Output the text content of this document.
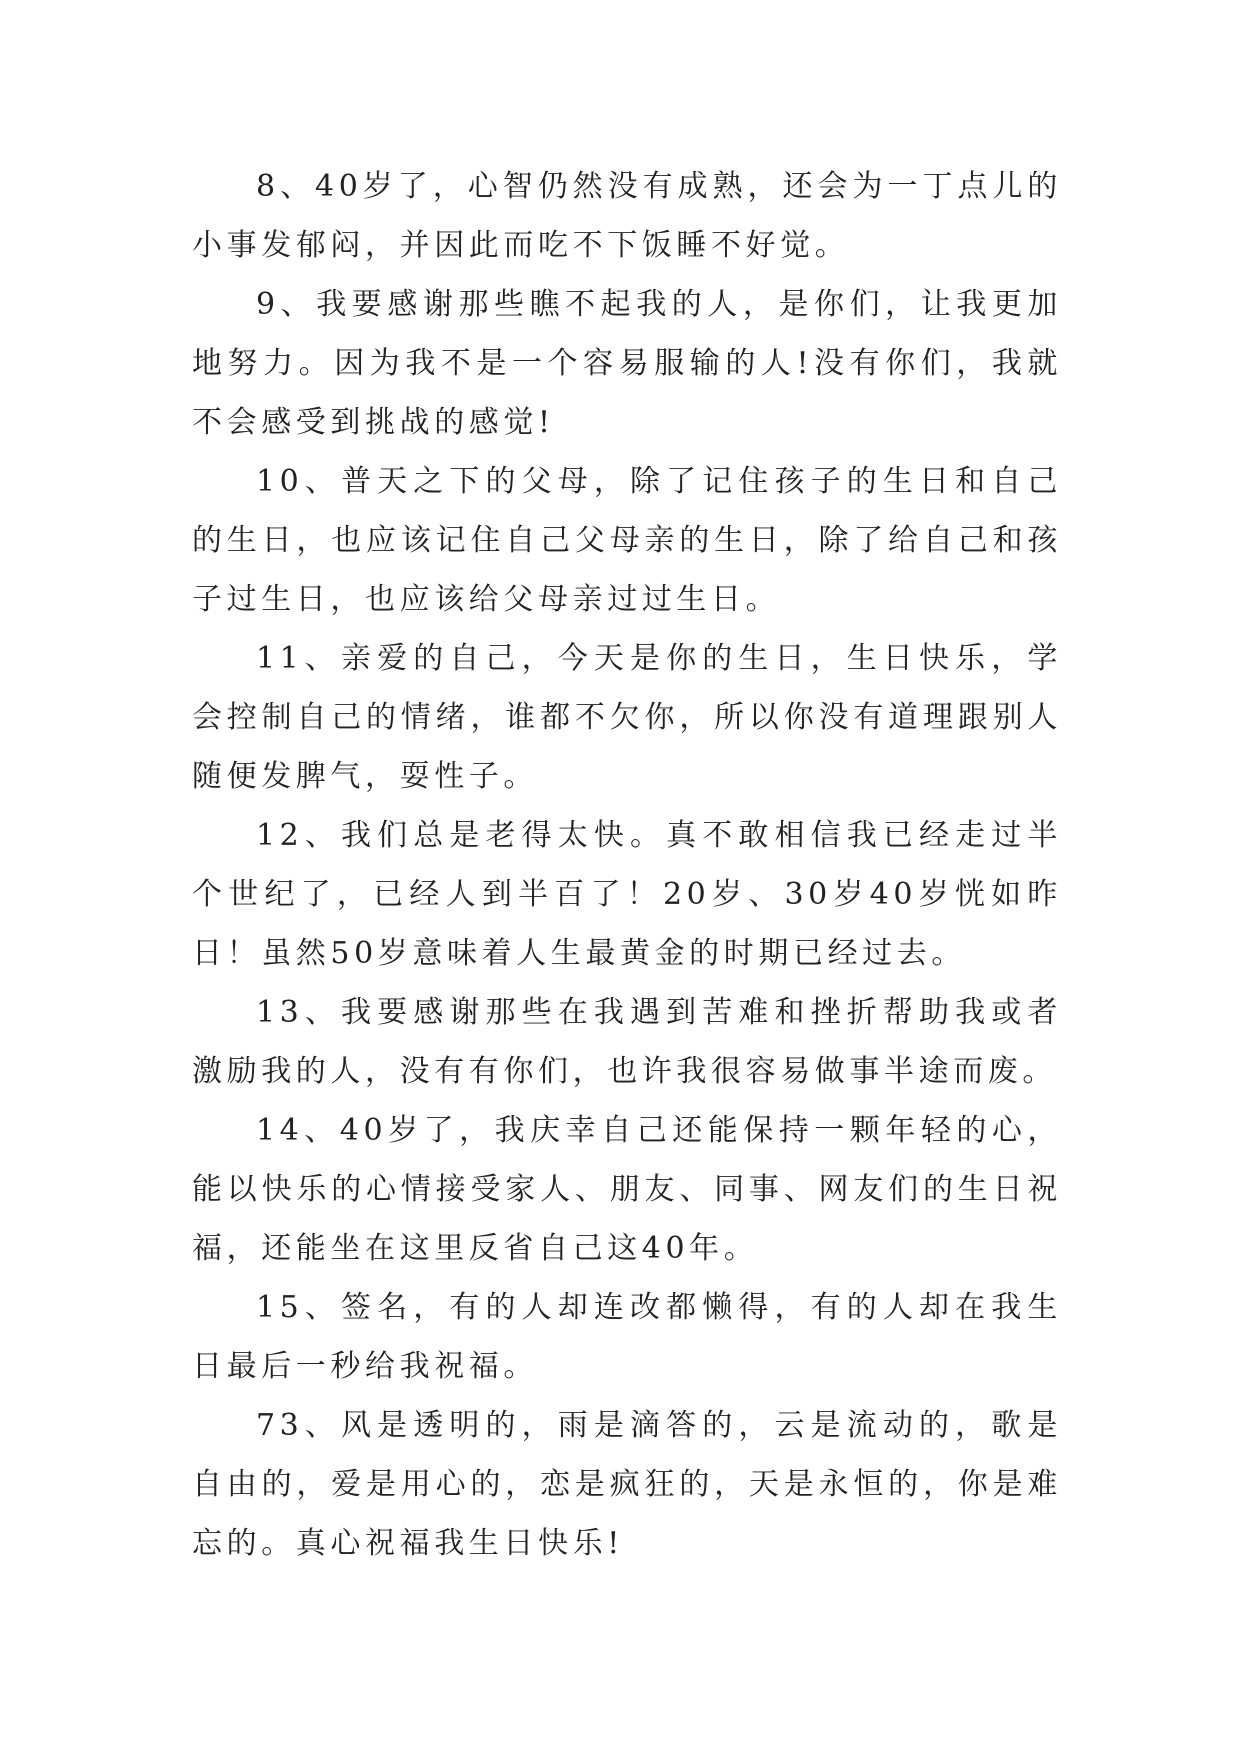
8、40岁了，心智仍然没有成熟，还会为一丁点儿的小事发郁闷，并因此而吃不下饭睡不好觉。

9、我要感谢那些瞧不起我的人，是你们，让我更加地努力。因为我不是一个容易服输的人!没有你们，我就不会感受到挑战的感觉!

10、普天之下的父母，除了记住孩子的生日和自己的生日，也应该记住自己父母亲的生日，除了给自己和孩子过生日，也应该给父母亲过过生日。

11、亲爱的自己，今天是你的生日，生日快乐，学会控制自己的情绪，谁都不欠你，所以你没有道理跟别人随便发脾气，耍性子。

12、我们总是老得太快。真不敢相信我已经走过半个世纪了，已经人到半百了！20岁、30岁40岁恍如昨日！虽然50岁意味着人生最黄金的时期已经过去。

13、我要感谢那些在我遇到苦难和挫折帮助我或者激励我的人，没有有你们，也许我很容易做事半途而废。

14、40岁了，我庆幸自己还能保持一颗年轻的心，能以快乐的心情接受家人、朋友、同事、网友们的生日祝福，还能坐在这里反省自己这40年。

15、签名，有的人却连改都懒得，有的人却在我生日最后一秒给我祝福。

73、风是透明的，雨是滴答的，云是流动的，歌是自由的，爱是用心的，恋是疯狂的，天是永恒的，你是难忘的。真心祝福我生日快乐!
